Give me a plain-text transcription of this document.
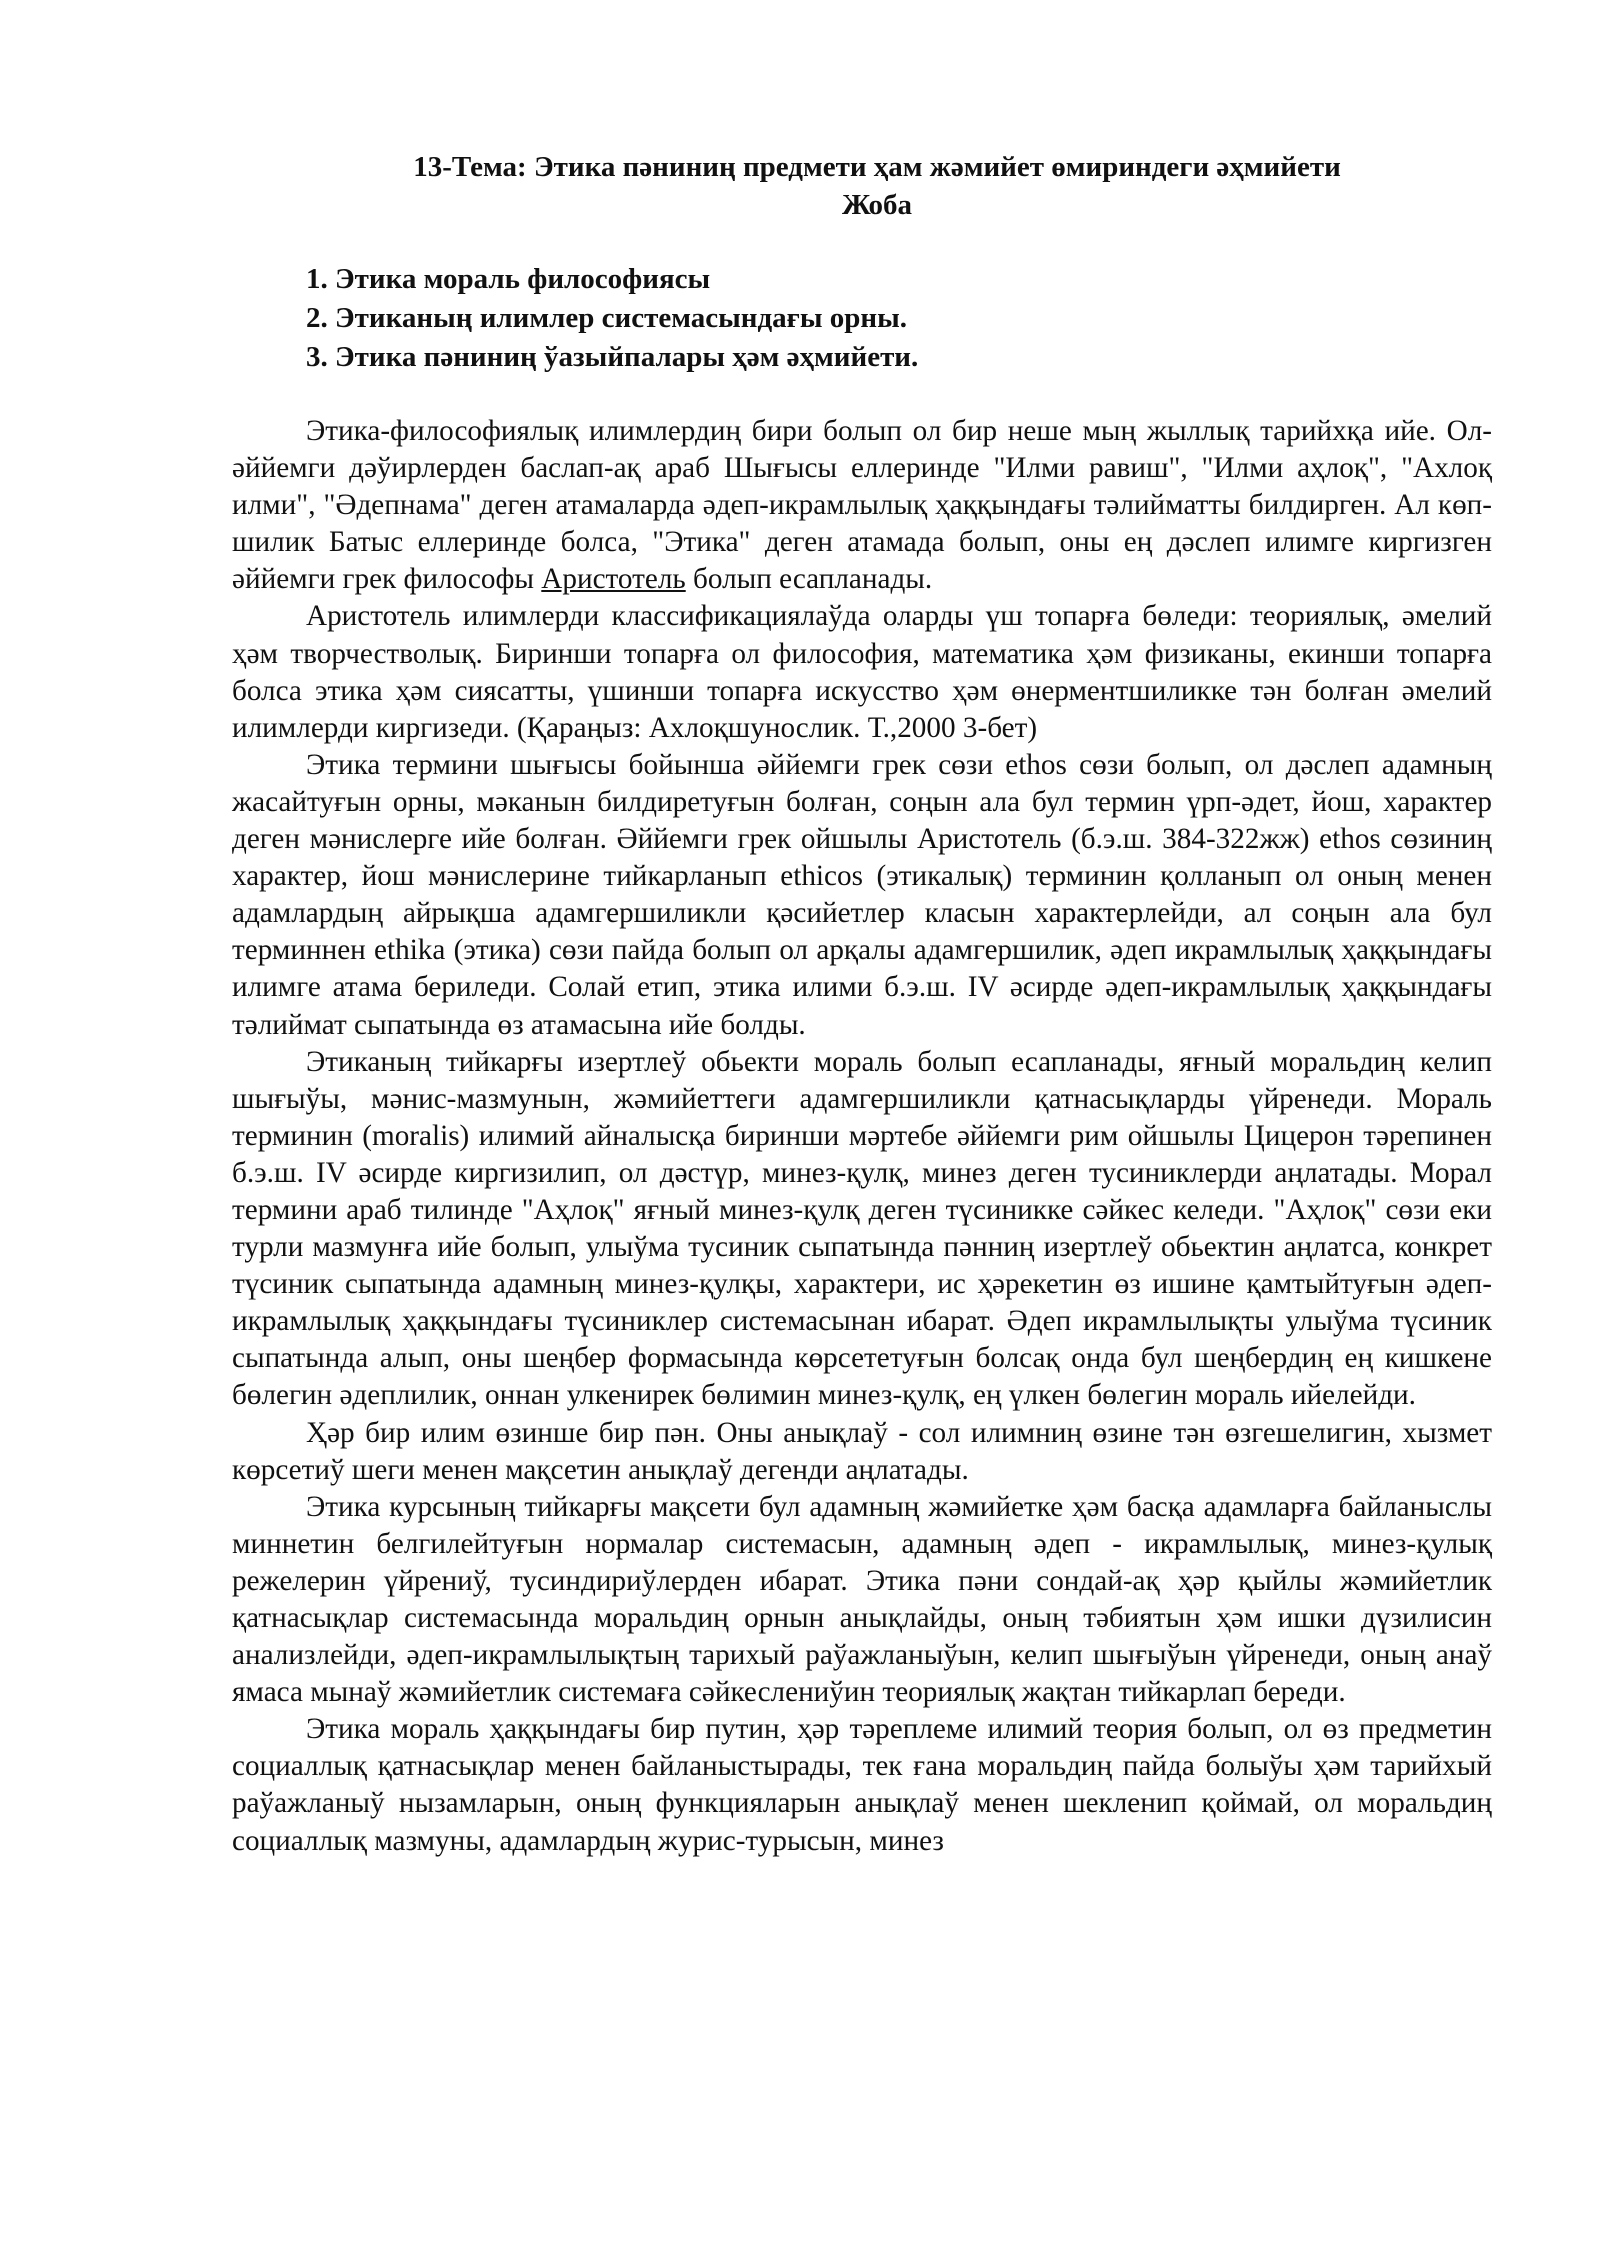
13-Тема: Этика пәниниң предмети ҳам жәмийет өмириндеги әҳмийети
Жоба
1. Этика мораль философиясы
2. Этиканың илимлер системасындағы орны.
3. Этика пәниниң ўазыйпалары ҳәм әҳмийети.

Этика-философиялық илимлердиң бири болып ол бир неше мың жыллық тарийхқа ийе. Ол- әййемги дәўирлерден баслап-ақ араб Шығысы еллеринде "Илми равиш", "Илми аҳлоқ", "Ахлоқ илми", "Әдепнама" деген атамаларда әдеп-икрамлылық ҳаққындағы тәлийматты билдирген. Ал көп-шилик Батыс еллеринде болса, "Этика" деген атамада болып, оны ең дәслеп илимге киргизген әййемги грек философы Аристотель болып есапланады.

Аристотель илимлерди классификациялаўда оларды үш топарға бөледи: теориялық, әмелий ҳәм творчестволық. Биринши топарға ол философия, математика ҳәм физиканы, екинши топарға болса этика ҳәм сиясатты, үшинши топарға искусство ҳәм өнерментшиликке тән болған әмелий илимлерди киргизеди. (Қараңыз: Ахлоқшунослик. Т.,2000 3-бет)

Этика термини шығысы бойынша әййемги грек сөзи ethos сөзи болып, ол дәслеп адамның жасайтуғын орны, мәканын билдиретуғын болған, соңын ала бул термин үрп-әдет, йош, характер деген мәнислерге ийе болған. Әййемги грек ойшылы Аристотель (б.э.ш. 384-322жж) ethos сөзиниң характер, йош мәнислерине тийкарланып ethicos (этикалық) терминин қолланып ол оның менен адамлардың айрықша адамгершиликли қәсийетлер класын характерлейди, ал соңын ала бул терминнен ethika (этика) сөзи пайда болып ол арқалы адамгершилик, әдеп икрамлылық ҳаққындағы илимге атама бериледи. Солай етип, этика илими б.э.ш. IV әсирде әдеп-икрамлылық ҳаққындағы тәлиймат сыпатында өз атамасына ийе болды.

Этиканың тийкарғы изертлеў обьекти мораль болып есапланады, яғный моральдиң келип шығыўы, мәнис-мазмунын, жәмийеттеги адамгершиликли қатнасықларды үйренеди. Мораль терминин (moralis) илимий айналысқа биринши мәртебе әййемги рим ойшылы Цицерон тәрепинен б.э.ш. IV әсирде киргизилип, ол дәстүр, минез-қулқ, минез деген тусиниклерди аңлатады. Морал термини араб тилинде "Аҳлоқ" яғный минез-қулқ деген түсиникке сәйкес келеди. "Аҳлоқ" сөзи еки турли мазмунға ийе болып, улыўма тусиник сыпатында пәнниң изертлеў обьектин аңлатса, конкрет түсиник сыпатында адамның минез-қулқы, характери, ис ҳәрекетин өз ишине қамтыйтуғын әдеп-икрамлылық ҳаққындағы түсиниклер системасынан ибарат. Әдеп икрамлылықты улыўма түсиник сыпатында алып, оны шеңбер формасында көрсететуғын болсақ онда бул шеңбердиң ең кишкене бөлегин әдеплилик, оннан улкенирек бөлимин минез-қулқ, ең үлкен бөлегин мораль ийелейди.

Ҳәр бир илим өзинше бир пән. Оны анықлаў - сол илимниң өзине тән өзгешелигин, хызмет көрсетиў шеги менен мақсетин анықлаў дегенди аңлатады.

Этика курсының тийкарғы мақсети бул адамның жәмийетке ҳәм басқа адамларға байланыслы миннетин белгилейтуғын нормалар системасын, адамның әдеп - икрамлылық, минез-қулық режелерин үйрениў, тусиндириўлерден ибарат. Этика пәни сондай-ақ ҳәр қыйлы жәмийетлик қатнасықлар системасында моральдиң орнын анықлайды, оның тәбиятын ҳәм ишки дүзилисин анализлейди, әдеп-икрамлылықтың тарихый раўажланыўын, келип шығыўын үйренеди, оның анаў ямаса мынаў жәмийетлик системаға сәйкеслениўин теориялық жақтан тийкарлап береди.

Этика мораль ҳаққындағы бир путин, ҳәр тәреплеме илимий теория болып, ол өз предметин социаллық қатнасықлар менен байланыстырады, тек ғана моральдиң пайда болыўы ҳәм тарийхый раўажланыў нызамларын, оның функцияларын анықлаў менен шекленип қоймай, ол моральдиң социаллық мазмуны, адамлардың журис-турысын, минез
